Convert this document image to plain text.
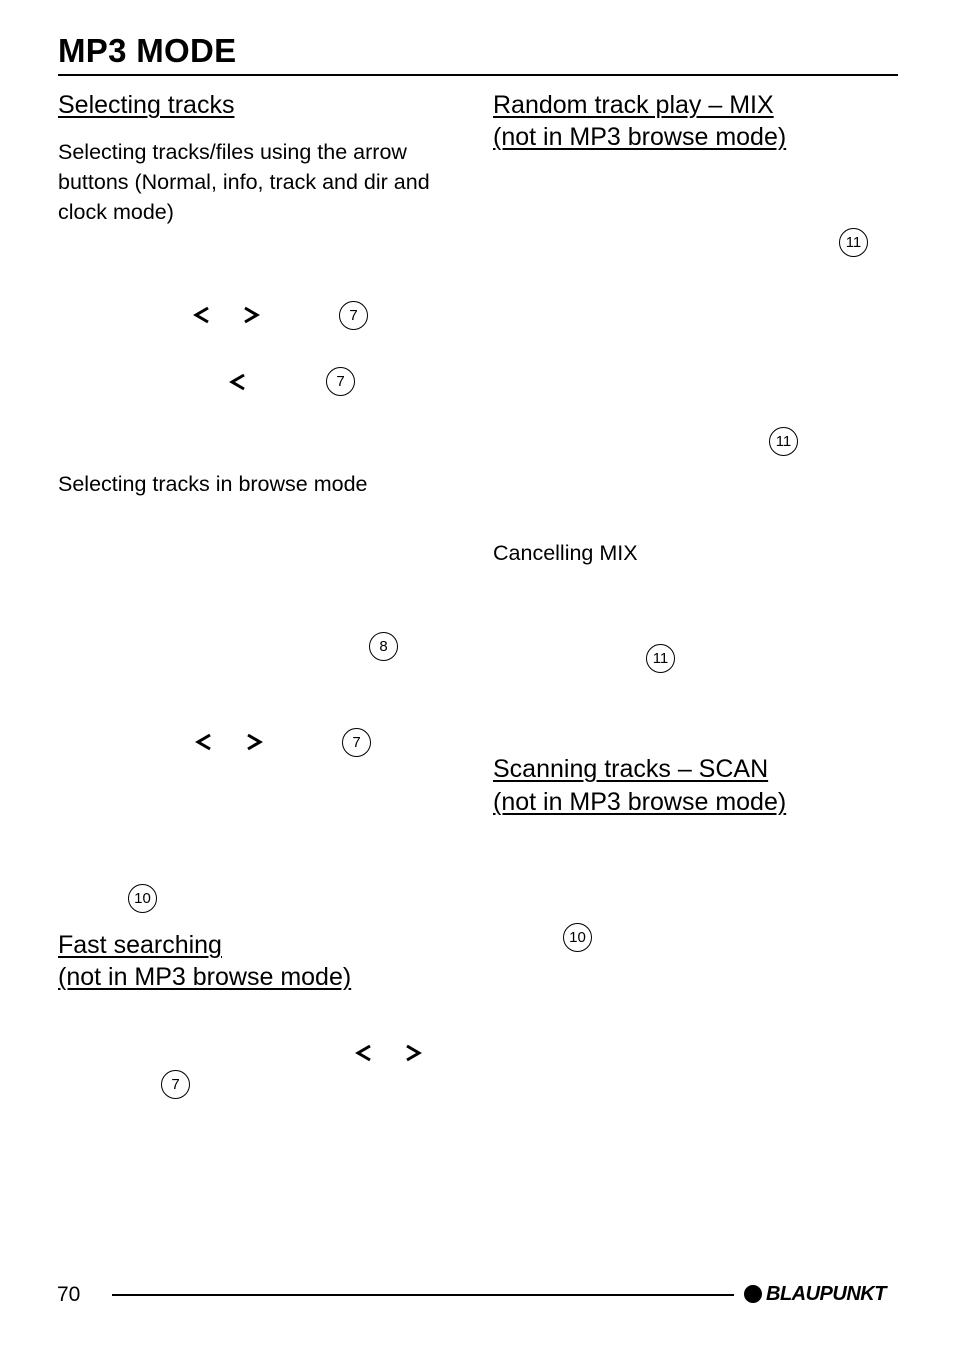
MP3 MODE
Selecting tracks
Selecting tracks/files using the arrow buttons (Normal, info, track and dir and clock mode)
7
7
Selecting tracks in browse mode
8
7
10
Fast searching
(not in MP3 browse mode)
7
Random track play – MIX
(not in MP3 browse mode)
11
11
Cancelling MIX
11
Scanning tracks – SCAN
(not in MP3 browse mode)
10
70	BLAUPUNKT
